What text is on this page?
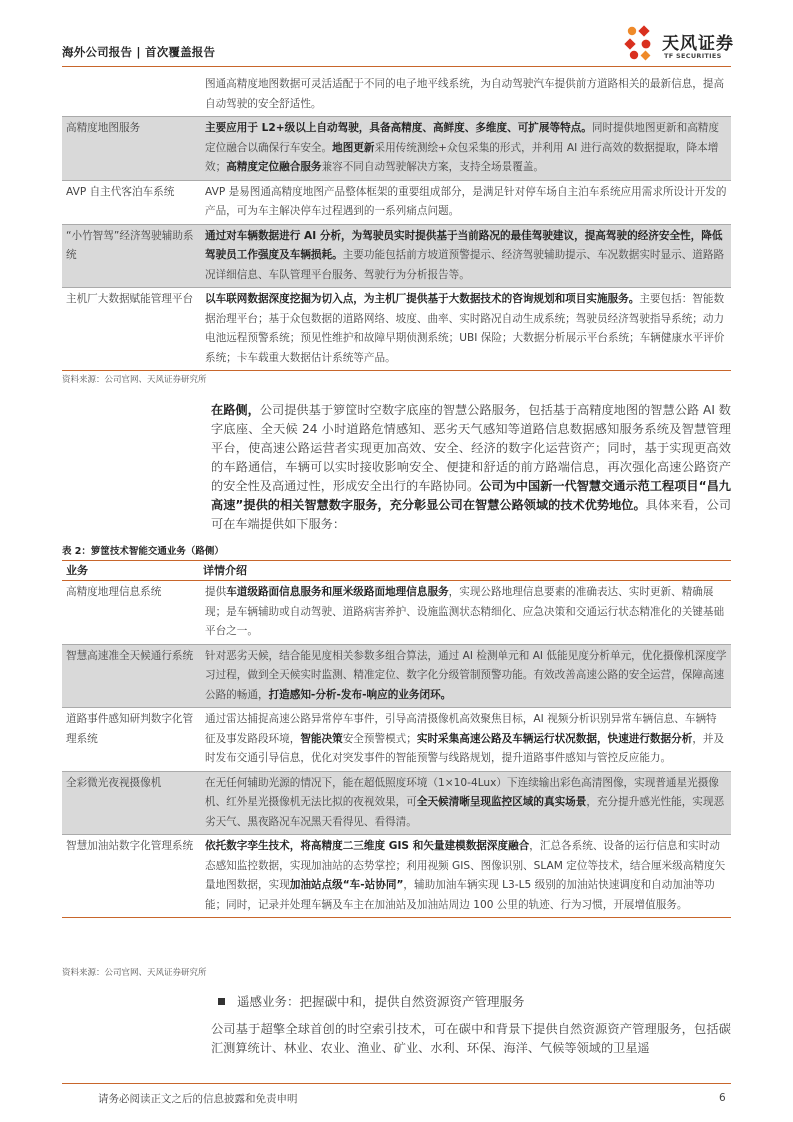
海外公司报告 | 首次覆盖报告	天风证券
TF SECURITIES
	图通高精度地图数据可灵活适配于不同的电子地平线系统，为自动驾驶汽车提供前方道路相关的最新信息，提高自动驾驶的安全舒适性。
高精度地图服务	主要应用于 L2+级以上自动驾驶，具备高精度、高鲜度、多维度、可扩展等特点。同时提供地图更新和高精度定位融合以确保行车安全。地图更新采用传统测绘+众包采集的形式，并利用 AI 进行高效的数据提取，降本增效；高精度定位融合服务兼容不同自动驾驶解决方案，支持全场景覆盖。
AVP 自主代客泊车系统	AVP 是易图通高精度地图产品整体框架的重要组成部分，是满足针对停车场自主泊车系统应用需求所设计开发的产品，可为车主解决停车过程遇到的一系列痛点问题。
“小竹智驾”经济驾驶辅助系统	通过对车辆数据进行 AI 分析，为驾驶员实时提供基于当前路况的最佳驾驶建议，提高驾驶的经济安全性，降低驾驶员工作强度及车辆损耗。主要功能包括前方坡道预警提示、经济驾驶辅助提示、车况数据实时显示、道路路况详细信息、车队管理平台服务、驾驶行为分析报告等。
主机厂大数据赋能管理平台	以车联网数据深度挖掘为切入点，为主机厂提供基于大数据技术的咨询规划和项目实施服务。主要包括：智能数据治理平台；基于众包数据的道路网络、坡度、曲率、实时路况自动生成系统；驾驶员经济驾驶指导系统；动力电池远程预警系统；预见性维护和故障早期侦测系统；UBI 保险；大数据分析展示平台系统；车辆健康水平评价系统；卡车载重大数据估计系统等产品。
资料来源：公司官网、天风证券研究所

在路侧，公司提供基于箩筐时空数字底座的智慧公路服务，包括基于高精度地图的智慧公路 AI 数字底座、全天候 24 小时道路危情感知、恶劣天气感知等道路信息数据感知服务系统及智慧管理平台，使高速公路运营者实现更加高效、安全、经济的数字化运营资产；同时，基于实现更高效的车路通信，车辆可以实时接收影响安全、便捷和舒适的前方路端信息，再次强化高速公路资产的安全性及高通过性，形成安全出行的车路协同。公司为中国新一代智慧交通示范工程项目“昌九高速”提供的相关智慧数字服务，充分彰显公司在智慧公路领域的技术优势地位。具体来看，公司可在车端提供如下服务：

表 2：箩筐技术智能交通业务（路侧）
业务	详情介绍
高精度地理信息系统	提供车道级路面信息服务和厘米级路面地理信息服务，实现公路地理信息要素的准确表达、实时更新、精确展现；是车辆辅助或自动驾驶、道路病害养护、设施监测状态精细化、应急决策和交通运行状态精准化的关键基础平台之一。
智慧高速准全天候通行系统	针对恶劣天候，结合能见度相关参数多组合算法，通过 AI 检测单元和 AI 低能见度分析单元，优化摄像机深度学习过程，做到全天候实时监测、精准定位、数字化分级管制预警功能。有效改善高速公路的安全运营，保障高速公路的畅通，打造感知-分析-发布-响应的业务闭环。
道路事件感知研判数字化管理系统	通过雷达捕捉高速公路异常停车事件，引导高清摄像机高效聚焦目标，AI 视频分析识别异常车辆信息、车辆特征及事发路段环境，智能决策安全预警模式；实时采集高速公路及车辆运行状况数据，快速进行数据分析，并及时发布交通引导信息，优化对突发事件的智能预警与线路规划，提升道路事件感知与管控反应能力。
全彩微光夜视摄像机	在无任何辅助光源的情况下，能在超低照度环境（1×10-4Lux）下连续输出彩色高清图像，实现普通星光摄像机、红外星光摄像机无法比拟的夜视效果，可全天候清晰呈现监控区域的真实场景，充分提升感光性能，实现恶劣天气、黑夜路况车况黑天看得见、看得清。
智慧加油站数字化管理系统	依托数字孪生技术，将高精度二三维度 GIS 和矢量建模数据深度融合，汇总各系统、设备的运行信息和实时动态感知监控数据，实现加油站的态势掌控；利用视频 GIS、图像识别、SLAM 定位等技术，结合厘米级高精度矢量地图数据，实现加油站点级“车-站协同”，辅助加油车辆实现 L3-L5 级别的加油站快速调度和自动加油等功能；同时，记录并处理车辆及车主在加油站及加油站周边 100 公里的轨迹、行为习惯，开展增值服务。
资料来源：公司官网、天风证券研究所
遥感业务：把握碳中和，提供自然资源资产管理服务

公司基于超擎全球首创的时空索引技术，可在碳中和背景下提供自然资源资产管理服务，包括碳汇测算统计、林业、农业、渔业、矿业、水利、环保、海洋、气候等领域的卫星遥

请务必阅读正文之后的信息披露和免责申明	6
